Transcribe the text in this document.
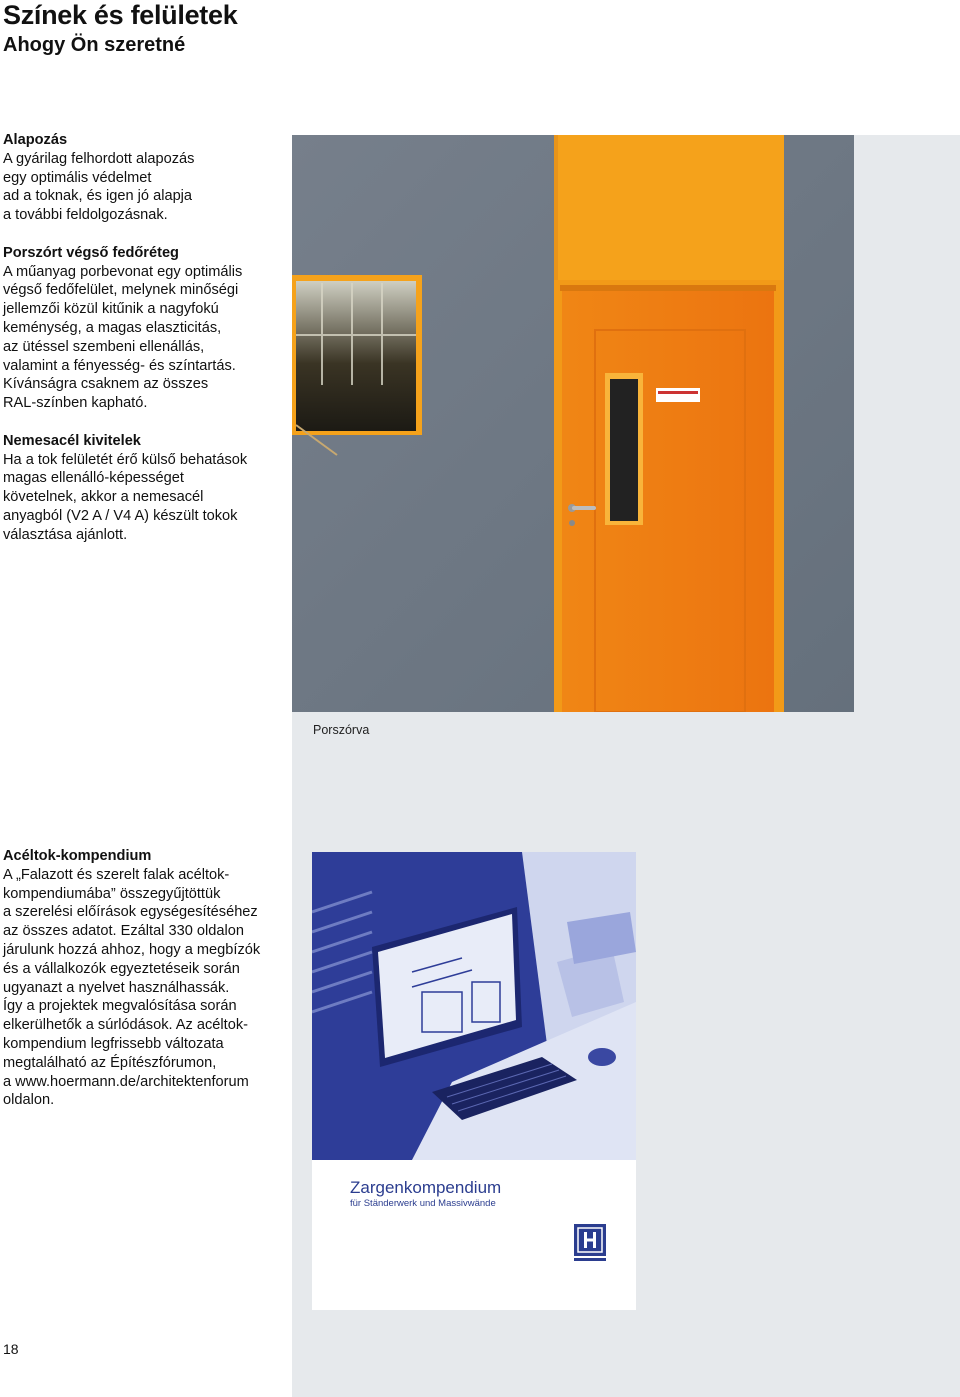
Színek és felületek
Ahogy Ön szeretné

Alapozás
A gyárilag felhordott alapozás
egy optimális védelmet
ad a toknak, és igen jó alapja
a további feldolgozásnak.

Porszórt végső fedőréteg
A műanyag porbevonat egy optimális
végső fedőfelület, melynek minőségi
jellemzői közül kitűnik a nagyfokú
keménység, a magas elaszticitás,
az ütéssel szembeni ellenállás,
valamint a fényesség- és színtartás.
Kívánságra csaknem az összes
RAL-színben kapható.

Nemesacél kivitelek
Ha a tok felületét érő külső behatások
magas ellenálló-képességet
követelnek, akkor a nemesacél
anyagból (V2 A / V4 A) készült tokok
választása ajánlott.

Acéltok-kompendium
A „Falazott és szerelt falak acéltok-
kompendiumába” összegyűjtöttük
a szerelési előírások egységesítéséhez
az összes adatot. Ezáltal 330 oldalon
járulunk hozzá ahhoz, hogy a megbízók
és a vállalkozók egyeztetéseik során
ugyanazt a nyelvet használhassák.
Így a projektek megvalósítása során
elkerülhetők a súrlódások. Az acéltok-
kompendium legfrissebb változata
megtalálható az Építészfórumon,
a www.hoermann.de/architektenforum
oldalon.

Porszórva
Zargenkompendium
für Ständerwerk und Massivwände
18
